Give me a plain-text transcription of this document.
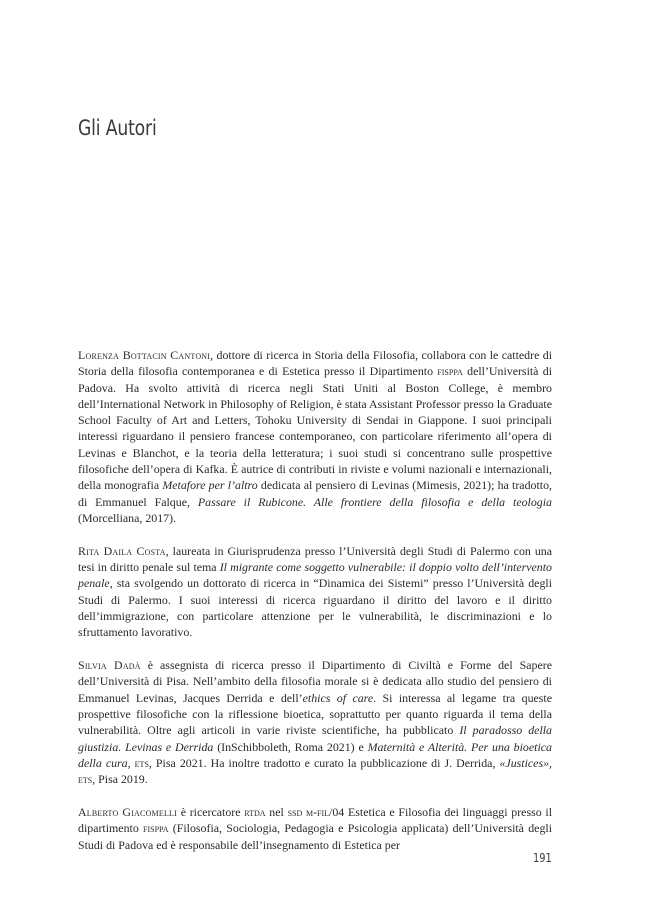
Gli Autori

Lorenza Bottacin Cantoni, dottore di ricerca in Storia della Filosofia, collabora con le cattedre di Storia della filosofia contemporanea e di Estetica presso il Dipartimento fisppa dell’Università di Padova. Ha svolto attività di ricerca negli Stati Uniti al Boston College, è membro dell’International Network in Philosophy of Religion, è stata Assistant Professor presso la Graduate School Faculty of Art and Letters, Tohoku University di Sendai in Giappone. I suoi principali interessi riguardano il pensiero francese contemporaneo, con particolare riferimento all’opera di Levinas e Blanchot, e la teoria della letteratura; i suoi studi si concentrano sulle prospettive filosofiche dell’opera di Kafka. È autrice di contributi in riviste e volumi nazionali e internazionali, della monografia Metafore per l’altro dedicata al pensiero di Levinas (Mimesis, 2021); ha tradotto, di Emmanuel Falque, Passare il Rubicone. Alle frontiere della filosofia e della teologia (Morcelliana, 2017).

Rita Daila Costa, laureata in Giurisprudenza presso l’Università degli Studi di Palermo con una tesi in diritto penale sul tema Il migrante come soggetto vulnerabile: il doppio volto dell’intervento penale, sta svolgendo un dottorato di ricerca in “Dinamica dei Sistemi” presso l’Università degli Studi di Palermo. I suoi interessi di ricerca riguardano il diritto del lavoro e il diritto dell’immigrazione, con particolare attenzione per le vulnerabilità, le discriminazioni e lo sfruttamento lavorativo.

Silvia Dadà è assegnista di ricerca presso il Dipartimento di Civiltà e Forme del Sapere dell’Università di Pisa. Nell’ambito della filosofia morale si è dedicata allo studio del pensiero di Emmanuel Levinas, Jacques Derrida e dell’ethics of care. Si interessa al legame tra queste prospettive filosofiche con la riflessione bioetica, soprattutto per quanto riguarda il tema della vulnerabilità. Oltre agli articoli in varie riviste scientifiche, ha pubblicato Il paradosso della giustizia. Levinas e Derrida (InSchibboleth, Roma 2021) e Maternità e Alterità. Per una bioetica della cura, ets, Pisa 2021. Ha inoltre tradotto e curato la pubblicazione di J. Derrida, «Justices», ets, Pisa 2019.

Alberto Giacomelli è ricercatore rtda nel ssd m-fil/04 Estetica e Filosofia dei linguaggi presso il dipartimento fisppa (Filosofia, Sociologia, Pedagogia e Psicologia applicata) dell’Università degli Studi di Padova ed è responsabile dell’insegnamento di Estetica per

191
